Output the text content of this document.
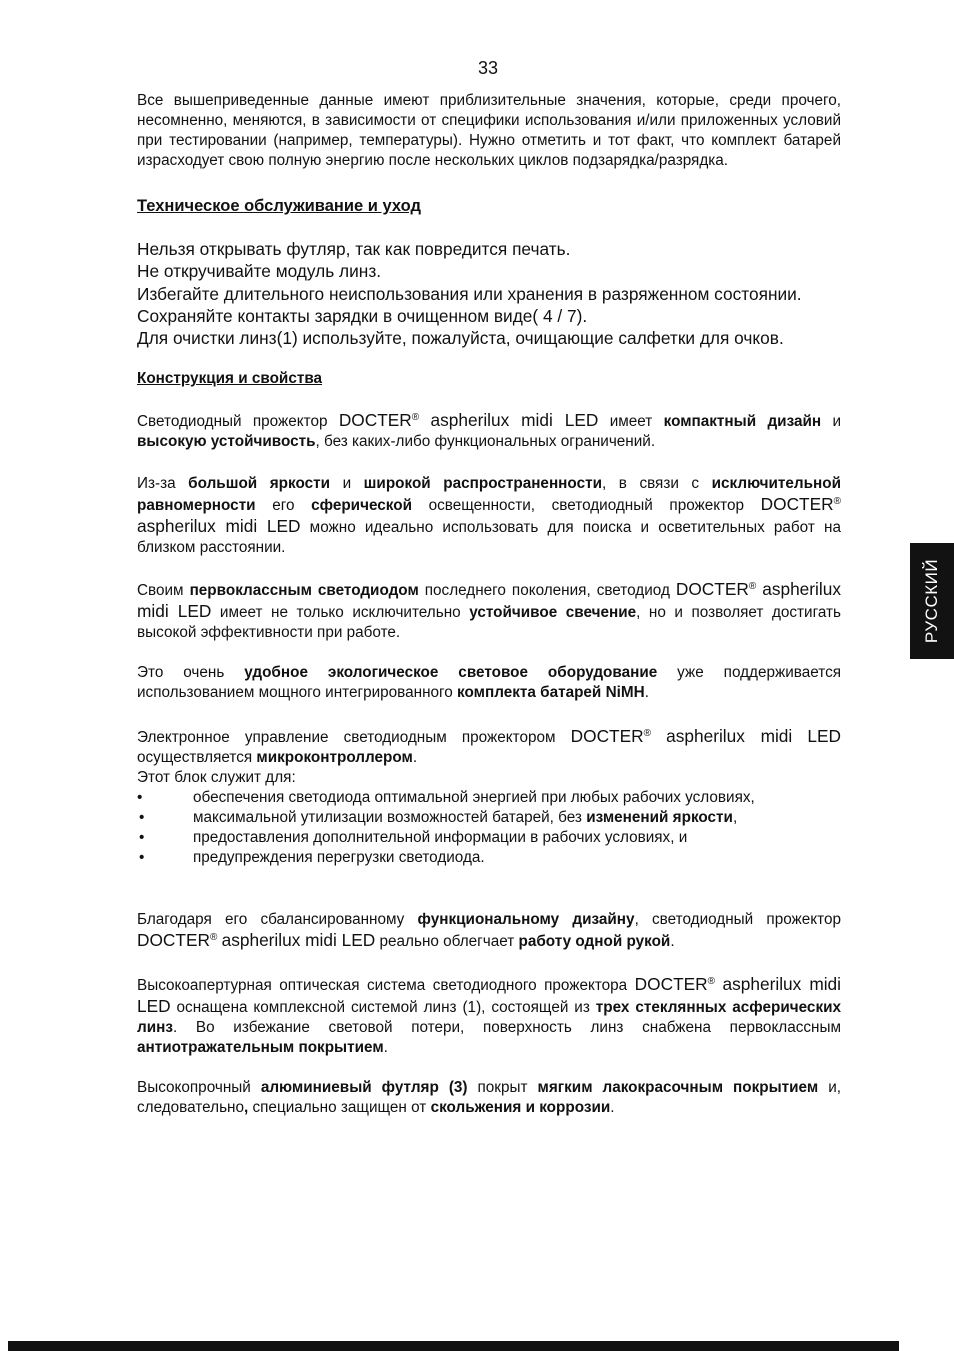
33

Все вышеприведенные данные имеют приблизительные значения, которые, среди прочего, несомненно, меняются, в зависимости от специфики использования и/или приложенных условий при тестировании (например, температуры). Нужно отметить и тот факт, что комплект батарей израсходует свою полную энергию после нескольких циклов подзарядка/разрядка.

Техническое обслуживание и уход

Нельзя открывать футляр, так как повредится печать.
Не откручивайте модуль линз.
Избегайте длительного неиспользования или хранения в разряженном состоянии.
Сохраняйте контакты зарядки в очищенном виде( 4 / 7).
Для очистки линз(1) используйте, пожалуйста, очищающие салфетки для очков.

Конструкция и свойства

Светодиодный прожектор DOCTER® aspherilux midi LED имеет компактный дизайн и высокую устойчивость, без каких-либо функциональных ограничений.

Из-за большой яркости и широкой распространенности, в связи с исключительной равномерности его сферической освещенности, светодиодный прожектор DOCTER® aspherilux midi LED можно идеально использовать для поиска и осветительных работ на близком расстоянии.

Своим первоклассным светодиодом последнего поколения, светодиод DOCTER® aspherilux midi LED имеет не только исключительно устойчивое свечение, но и позволяет достигать высокой эффективности при работе.

Это очень удобное экологическое световое оборудование уже поддерживается использованием мощного интегрированного комплекта батарей NiMH.

Электронное управление светодиодным прожектором DOCTER® aspherilux midi LED осуществляется микроконтроллером.

Этот блок служит для:

•	обеспечения светодиода оптимальной энергией при любых рабочих условиях,
•	максимальной утилизации возможностей батарей, без изменений яркости,
•	предоставления дополнительной информации в рабочих условиях, и
•	предупреждения перегрузки светодиода.

Благодаря его сбалансированному функциональному дизайну, светодиодный прожектор DOCTER® aspherilux midi LED реально облегчает работу одной рукой.

Высокоапертурная оптическая система светодиодного прожектора DOCTER® aspherilux midi LED оснащена комплексной системой линз (1), состоящей из трех стеклянных асферических линз. Во избежание световой потери, поверхность линз снабжена первоклассным антиотражательным покрытием.

Высокопрочный алюминиевый футляр (3) покрыт мягким лакокрасочным покрытием и, следовательно, специально защищен от скольжения и коррозии.

РУССКИЙ
